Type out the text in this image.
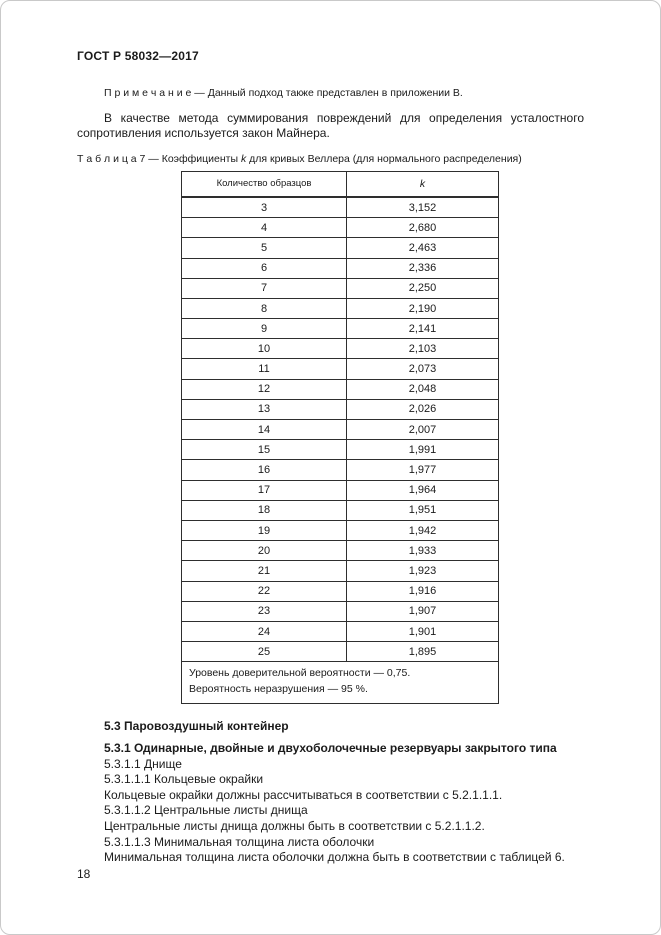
ГОСТ Р 58032—2017

П р и м е ч а н и е — Данный подход также представлен в приложении В.

В качестве метода суммирования повреждений для определения усталостного сопротивления используется закон Майнера.

Т а б л и ц а 7 — Коэффициенты k для кривых Веллера (для нормального распределения)

Количество образцов	k
3	3,152
4	2,680
5	2,463
6	2,336
7	2,250
8	2,190
9	2,141
10	2,103
11	2,073
12	2,048
13	2,026
14	2,007
15	1,991
16	1,977
17	1,964
18	1,951
19	1,942
20	1,933
21	1,923
22	1,916
23	1,907
24	1,901
25	1,895

Уровень доверительной вероятности — 0,75.
Вероятность неразрушения — 95 %.	

5.3 Паровоздушный контейнер

5.3.1 Одинарные, двойные и двухоболочечные резервуары закрытого типа

5.3.1.1 Днище

5.3.1.1.1 Кольцевые окрайки

Кольцевые окрайки должны рассчитываться в соответствии с 5.2.1.1.1.

5.3.1.1.2 Центральные листы днища

Центральные листы днища должны быть в соответствии с 5.2.1.1.2.

5.3.1.1.3 Минимальная толщина листа оболочки

Минимальная толщина листа оболочки должна быть в соответствии с таблицей 6.

18
